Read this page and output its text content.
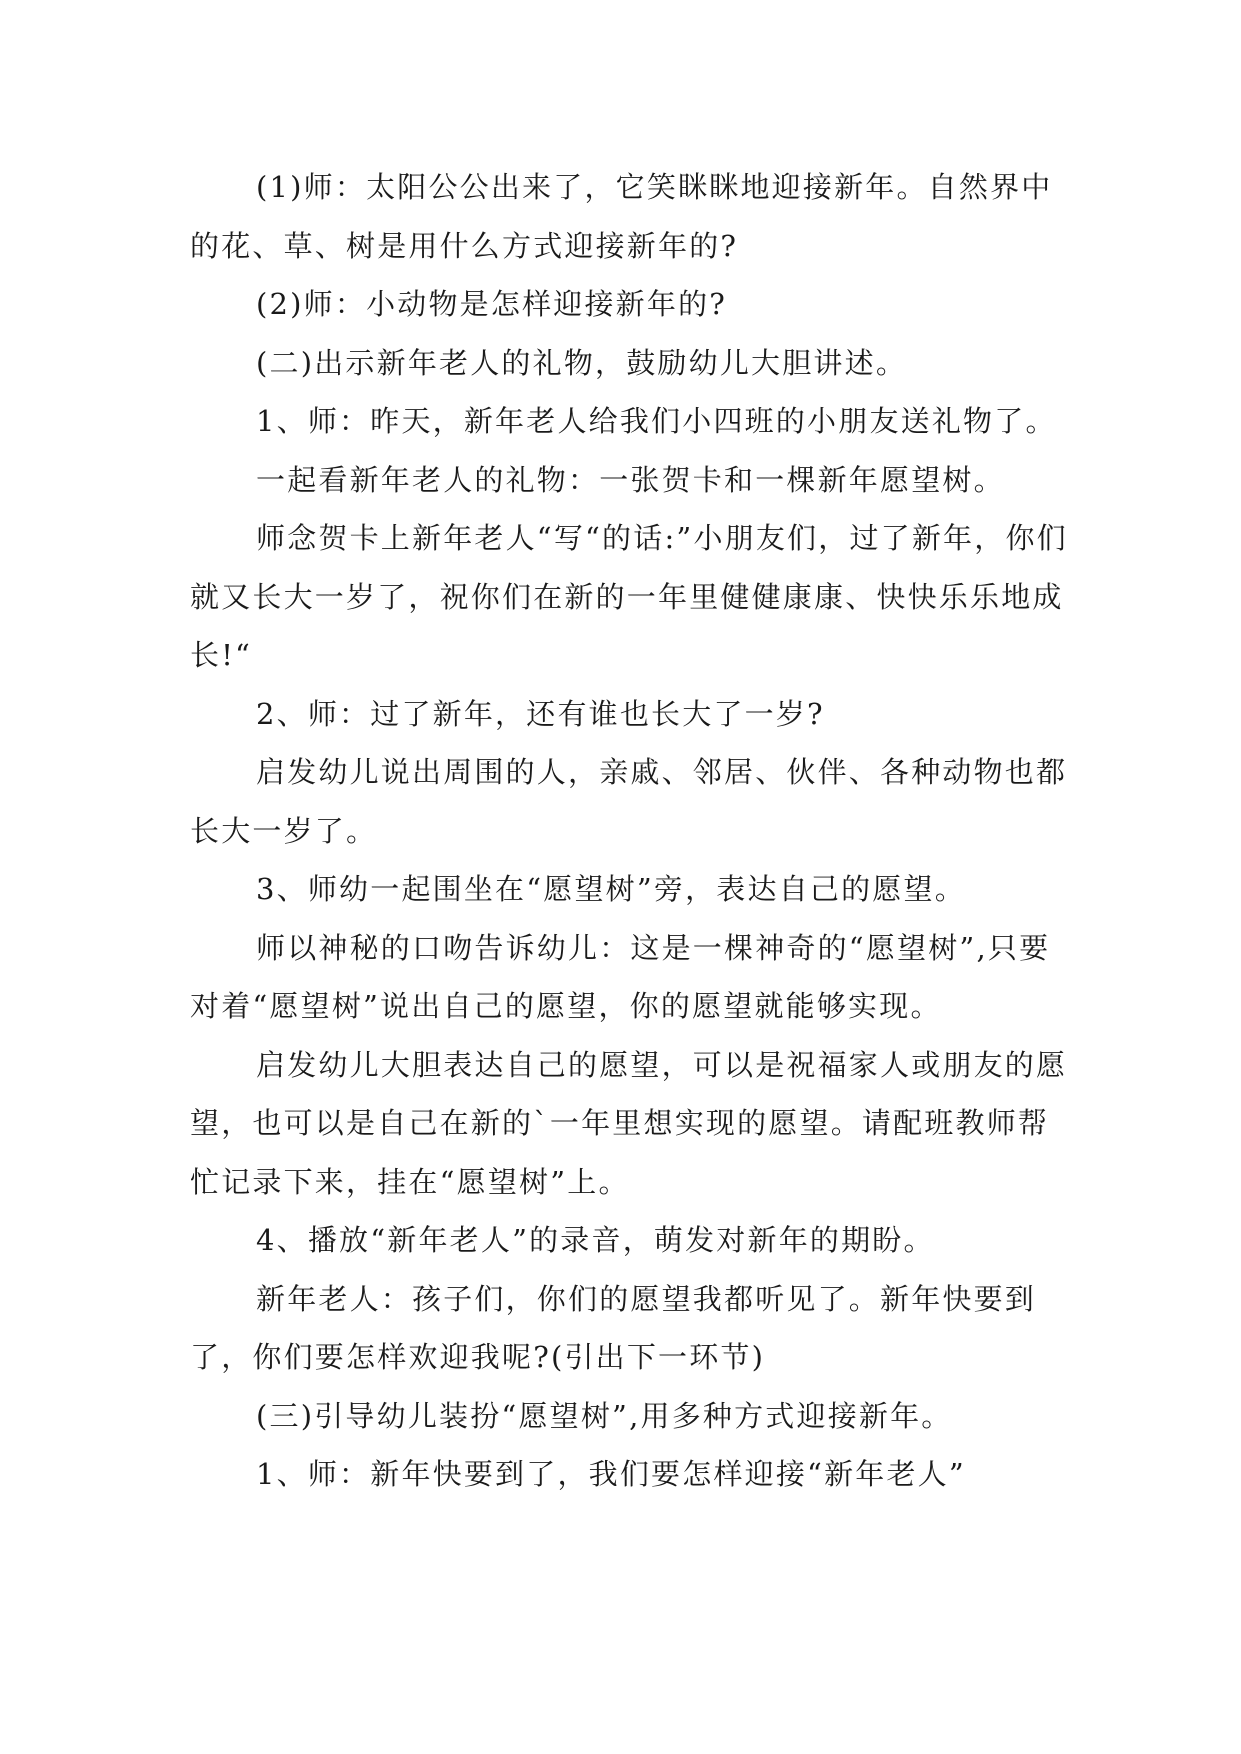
(1)师：太阳公公出来了，它笑眯眯地迎接新年。自然界中的花、草、树是用什么方式迎接新年的?

(2)师：小动物是怎样迎接新年的?

(二)出示新年老人的礼物，鼓励幼儿大胆讲述。

1、师：昨天，新年老人给我们小四班的小朋友送礼物了。

一起看新年老人的礼物：一张贺卡和一棵新年愿望树。

师念贺卡上新年老人“写“的话:”小朋友们，过了新年，你们就又长大一岁了，祝你们在新的一年里健健康康、快快乐乐地成长!“

2、师：过了新年，还有谁也长大了一岁?

启发幼儿说出周围的人，亲戚、邻居、伙伴、各种动物也都长大一岁了。

3、师幼一起围坐在“愿望树”旁，表达自己的愿望。

师以神秘的口吻告诉幼儿：这是一棵神奇的“愿望树”,只要对着“愿望树”说出自己的愿望，你的愿望就能够实现。

启发幼儿大胆表达自己的愿望，可以是祝福家人或朋友的愿望，也可以是自己在新的`一年里想实现的愿望。请配班教师帮忙记录下来，挂在“愿望树”上。

4、播放“新年老人”的录音，萌发对新年的期盼。

新年老人：孩子们，你们的愿望我都听见了。新年快要到了，你们要怎样欢迎我呢?(引出下一环节)

(三)引导幼儿装扮“愿望树”,用多种方式迎接新年。

1、师：新年快要到了，我们要怎样迎接“新年老人”
